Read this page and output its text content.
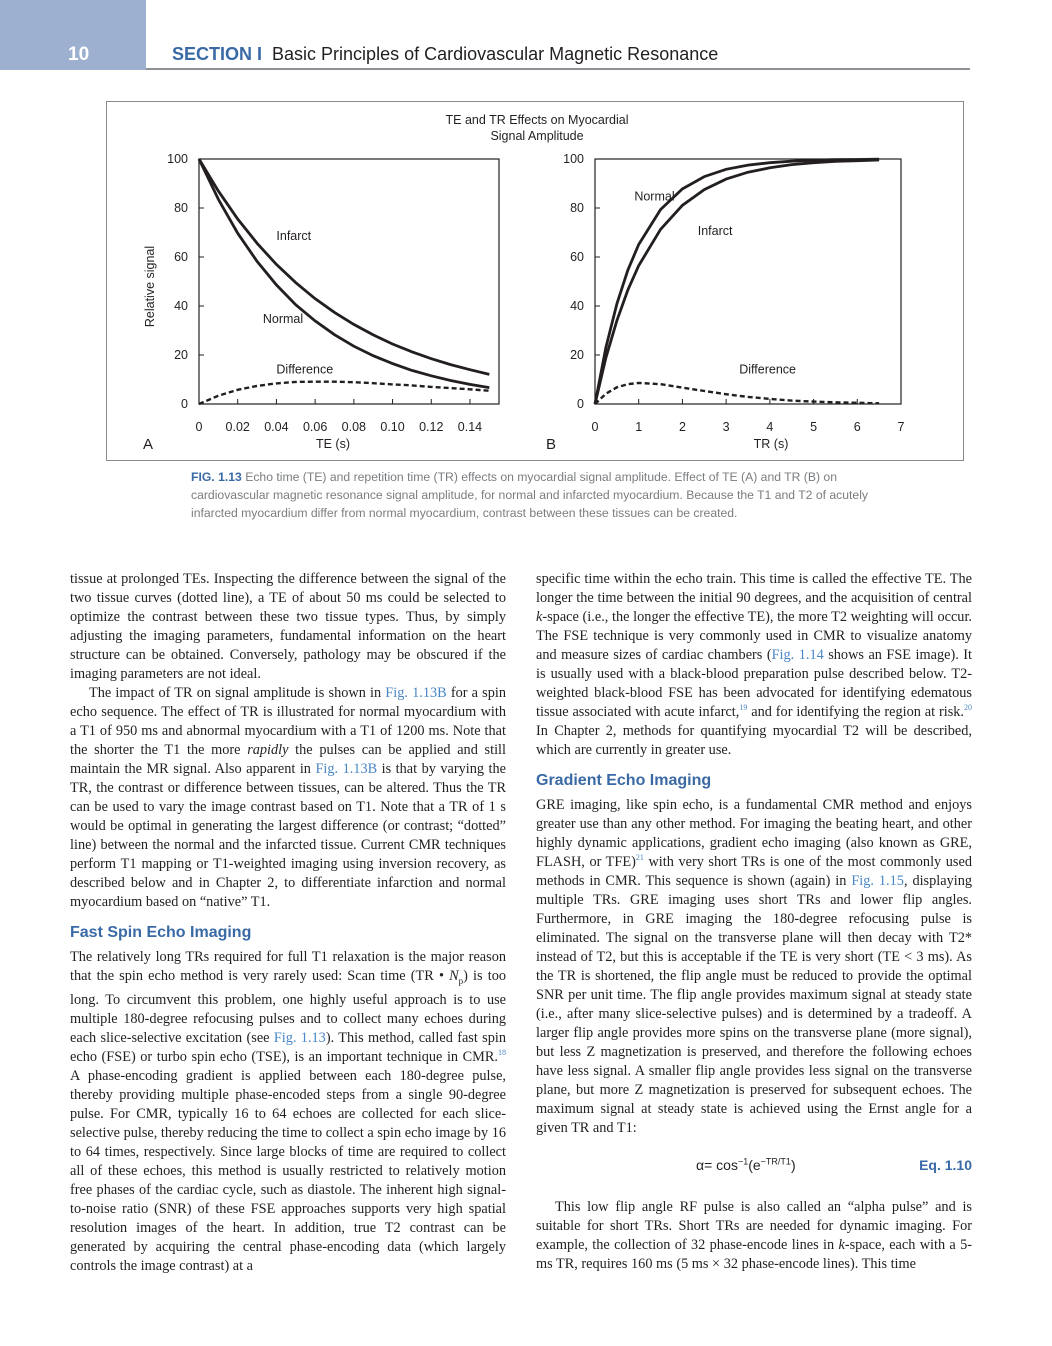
10	SECTION I Basic Principles of Cardiovascular Magnetic Resonance
TE and TR Effects on Myocardial
Signal Amplitude
0
20
40
60
80
100
0 0.02 0.04 0.06 0.08 0.10 0.12 0.14
Infarct
Normal
Difference
TE (s)
A
Relative signal
0
20
40
60
80
100
0	1	2	3	4	5	6	7
Normal
Infarct
Difference
TR (s)
B
FIG. 1.13 Echo time (TE) and repetition time (TR) effects on myocardial signal amplitude. Effect of TE (A) and TR (B) on cardiovascular magnetic resonance signal amplitude, for normal and infarcted myocardium. Because the T1 and T2 of acutely infarcted myocardium differ from normal myocardium, contrast between these tissues can be created.

tissue at prolonged TEs. Inspecting the difference between the signal of the two tissue curves (dotted line), a TE of about 50 ms could be selected to optimize the contrast between these two tissue types. Thus, by simply adjusting the imaging parameters, fundamental information on the heart structure can be obtained. Conversely, pathology may be obscured if the imaging parameters are not ideal.

The impact of TR on signal amplitude is shown in Fig. 1.13B for a spin echo sequence. The effect of TR is illustrated for normal myocardium with a T1 of 950 ms and abnormal myocardium with a T1 of 1200 ms. Note that the shorter the T1 the more rapidly the pulses can be applied and still maintain the MR signal. Also apparent in Fig. 1.13B is that by varying the TR, the contrast or difference between tissues, can be altered. Thus the TR can be used to vary the image contrast based on T1. Note that a TR of 1 s would be optimal in generating the largest difference (or contrast; “dotted” line) between the normal and the infarcted tissue. Current CMR techniques perform T1 mapping or T1-weighted imaging using inversion recovery, as described below and in Chapter 2, to differentiate infarction and normal myocardium based on “native” T1.

Fast Spin Echo Imaging

The relatively long TRs required for full T1 relaxation is the major reason that the spin echo method is very rarely used: Scan time (TR • $N_p$) is too long. To circumvent this problem, one highly useful approach is to use multiple 180-degree refocusing pulses and to collect many echoes during each slice-selective excitation (see Fig. 1.13). This method, called fast spin echo (FSE) or turbo spin echo (TSE), is an important technique in CMR.$^{18}$ A phase-encoding gradient is applied between each 180-degree pulse, thereby providing multiple phase-encoded steps from a single 90-degree pulse. For CMR, typically 16 to 64 echoes are collected for each slice-selective pulse, thereby reducing the time to collect a spin echo image by 16 to 64 times, respectively. Since large blocks of time are required to collect all of these echoes, this method is usually restricted to relatively motion free phases of the cardiac cycle, such as diastole. The inherent high signal-to-noise ratio (SNR) of these FSE approaches supports very high spatial resolution images of the heart. In addition, true T2 contrast can be generated by acquiring the central phase-encoding data (which largely controls the image contrast) at a

specific time within the echo train. This time is called the effective TE. The longer the time between the initial 90 degrees, and the acquisition of central k-space (i.e., the longer the effective TE), the more T2 weighting will occur. The FSE technique is very commonly used in CMR to visualize anatomy and measure sizes of cardiac chambers (Fig. 1.14 shows an FSE image). It is usually used with a black-blood preparation pulse described below. T2-weighted black-blood FSE has been advocated for identifying edematous tissue associated with acute infarct,$^{19}$ and for identifying the region at risk.$^{20}$ In Chapter 2, methods for quantifying myocardial T2 will be described, which are currently in greater use.

Gradient Echo Imaging

GRE imaging, like spin echo, is a fundamental CMR method and enjoys greater use than any other method. For imaging the beating heart, and other highly dynamic applications, gradient echo imaging (also known as GRE, FLASH, or TFE)$^{21}$ with very short TRs is one of the most commonly used methods in CMR. This sequence is shown (again) in Fig. 1.15, displaying multiple TRs. GRE imaging uses short TRs and lower flip angles. Furthermore, in GRE imaging the 180-degree refocusing pulse is eliminated. The signal on the transverse plane will then decay with T2* instead of T2, but this is acceptable if the TE is very short (TE < 3 ms). As the TR is shortened, the flip angle must be reduced to provide the optimal SNR per unit time. The flip angle provides maximum signal at steady state (i.e., after many slice-selective pulses) and is determined by a tradeoff. A larger flip angle provides more spins on the transverse plane (more signal), but less Z magnetization is preserved, and therefore the following echoes have less signal. A smaller flip angle provides less signal on the transverse plane, but more Z magnetization is preserved for subsequent echoes. The maximum signal at steady state is achieved using the Ernst angle for a given TR and T1:

$\alpha= \cos^{-1}(e^{-TR/T1})$	Eq. 1.10

This low flip angle RF pulse is also called an “alpha pulse” and is suitable for short TRs. Short TRs are needed for dynamic imaging. For example, the collection of 32 phase-encode lines in k-space, each with a 5-ms TR, requires 160 ms (5 ms × 32 phase-encode lines). This time
